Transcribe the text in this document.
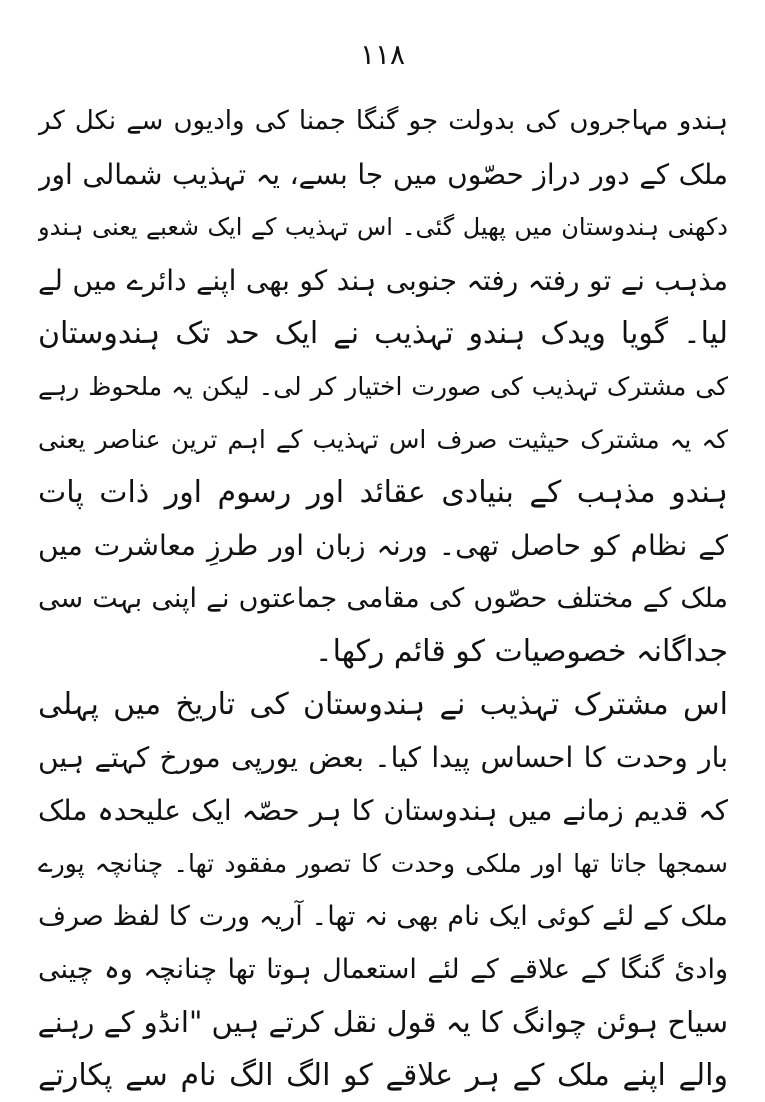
۱۱۸
ہندو مہاجروں کی بدولت جو گنگا جمنا کی وادیوں سے نکل کر
ملک کے دور دراز حصّوں میں جا بسے، یہ تہذیب شمالی اور
دکھنی ہندوستان میں پھیل گئی۔ اس تہذیب کے ایک شعبے یعنی ہندو
مذہب نے تو رفتہ رفتہ جنوبی ہند کو بھی اپنے دائرے میں لے
لیا۔ گویا ویدک ہندو تہذیب نے ایک حد تک ہندوستان
کی مشترک تہذیب کی صورت اختیار کر لی۔ لیکن یہ ملحوظ رہے
کہ یہ مشترک حیثیت صرف اس تہذیب کے اہم ترین عناصر یعنی
ہندو مذہب کے بنیادی عقائد اور رسوم اور ذات پات
کے نظام کو حاصل تھی۔ ورنہ زبان اور طرزِ معاشرت میں
ملک کے مختلف حصّوں کی مقامی جماعتوں نے اپنی بہت سی
جداگانہ خصوصیات کو قائم رکھا۔
اس مشترک تہذیب نے ہندوستان کی تاریخ میں پہلی
بار وحدت کا احساس پیدا کیا۔ بعض یورپی مورخ کہتے ہیں
کہ قدیم زمانے میں ہندوستان کا ہر حصّہ ایک علیحدہ ملک
سمجھا جاتا تھا اور ملکی وحدت کا تصور مفقود تھا۔ چنانچہ پورے
ملک کے لئے کوئی ایک نام بھی نہ تھا۔ آریہ ورت کا لفظ صرف
وادیٔ گنگا کے علاقے کے لئے استعمال ہوتا تھا چنانچہ وہ چینی
سیاح ہوئن چوانگ کا یہ قول نقل کرتے ہیں "انڈو کے رہنے
والے اپنے ملک کے ہر علاقے کو الگ الگ نام سے پکارتے
